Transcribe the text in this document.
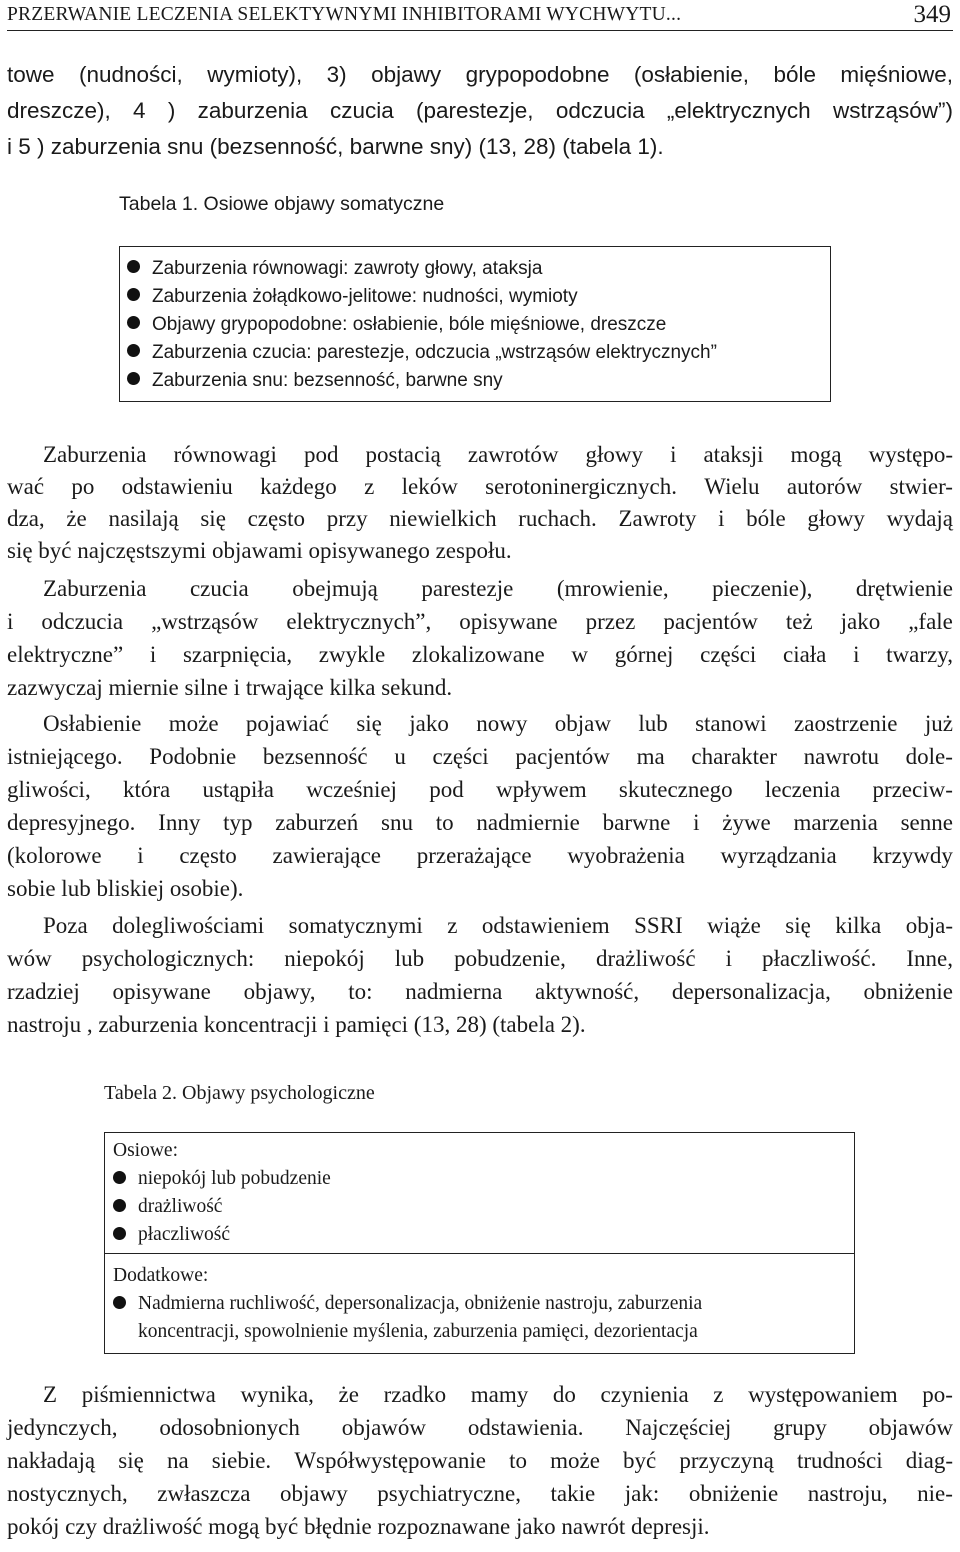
PRZERWANIE LECZENIA SELEKTYWNYMI INHIBITORAMI WYCHWYTU...	349
towe (nudności, wymioty), 3) objawy grypopodobne (osłabienie, bóle mięśniowe,
dreszcze), 4 ) zaburzenia czucia (parestezje, odczucia „elektrycznych wstrząsów”)
i 5 ) zaburzenia snu (bezsenność, barwne sny) (13, 28) (tabela 1).
Tabela 1. Osiowe objawy somatyczne
Zaburzenia równowagi: zawroty głowy, ataksja
Zaburzenia żołądkowo-jelitowe: nudności, wymioty
Objawy grypopodobne: osłabienie, bóle mięśniowe, dreszcze
Zaburzenia czucia: parestezje, odczucia „wstrząsów elektrycznych”
Zaburzenia snu: bezsenność, barwne sny
Zaburzenia równowagi pod postacią zawrotów głowy i ataksji mogą występo-
wać po odstawieniu każdego z leków serotoninergicznych. Wielu autorów stwier-
dza, że nasilają się często przy niewielkich ruchach. Zawroty i bóle głowy wydają
się być najczęstszymi objawami opisywanego zespołu.
Zaburzenia czucia obejmują parestezje (mrowienie, pieczenie), drętwienie
i odczucia „wstrząsów elektrycznych”, opisywane przez pacjentów też jako „fale
elektryczne” i szarpnięcia, zwykle zlokalizowane w górnej części ciała i twarzy,
zazwyczaj miernie silne i trwające kilka sekund.
Osłabienie może pojawiać się jako nowy objaw lub stanowi zaostrzenie już
istniejącego. Podobnie bezsenność u części pacjentów ma charakter nawrotu dole-
gliwości, która ustąpiła wcześniej pod wpływem skutecznego leczenia przeciw-
depresyjnego. Inny typ zaburzeń snu to nadmiernie barwne i żywe marzenia senne
(kolorowe i często zawierające przerażające wyobrażenia wyrządzania krzywdy
sobie lub bliskiej osobie).
Poza dolegliwościami somatycznymi z odstawieniem SSRI wiąże się kilka obja-
wów psychologicznych: niepokój lub pobudzenie, drażliwość i płaczliwość. Inne,
rzadziej opisywane objawy, to: nadmierna aktywność, depersonalizacja, obniżenie
nastroju , zaburzenia koncentracji i pamięci (13, 28) (tabela 2).
Tabela 2. Objawy psychologiczne
Osiowe:
niepokój lub pobudzenie
drażliwość
płaczliwość
Dodatkowe:
Nadmierna ruchliwość, depersonalizacja, obniżenie nastroju, zaburzenia
koncentracji, spowolnienie myślenia, zaburzenia pamięci, dezorientacja
Z piśmiennictwa wynika, że rzadko mamy do czynienia z występowaniem po-
jedynczych, odosobnionych objawów odstawienia. Najczęściej grupy objawów
nakładają się na siebie. Współwystępowanie to może być przyczyną trudności diag-
nostycznych, zwłaszcza objawy psychiatryczne, takie jak: obniżenie nastroju, nie-
pokój czy drażliwość mogą być błędnie rozpoznawane jako nawrót depresji.
